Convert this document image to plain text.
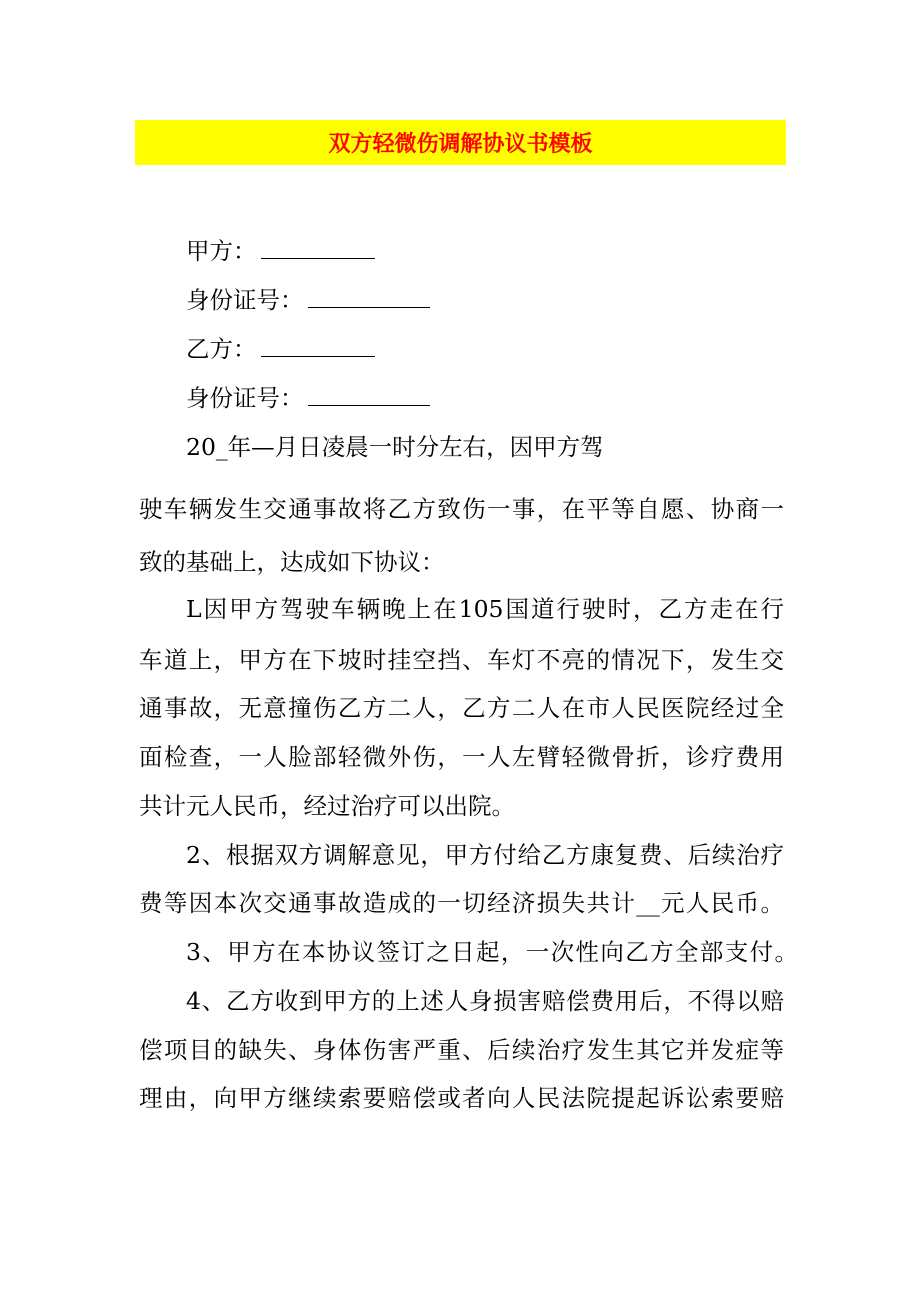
双方轻微伤调解协议书模板
甲方：
身份证号：
乙方：
身份证号：
20_年—月日凌晨一时分左右，因甲方驾
驶车辆发生交通事故将乙方致伤一事，在平等自愿、协商一
致的基础上，达成如下协议：
L因甲方驾驶车辆晚上在105国道行驶时，乙方走在行
车道上，甲方在下坡时挂空挡、车灯不亮的情况下，发生交
通事故，无意撞伤乙方二人，乙方二人在市人民医院经过全
面检查，一人脸部轻微外伤，一人左臂轻微骨折，诊疗费用
共计元人民币，经过治疗可以出院。
2、根据双方调解意见，甲方付给乙方康复费、后续治疗
费等因本次交通事故造成的一切经济损失共计__元人民币。
3、甲方在本协议签订之日起，一次性向乙方全部支付。
4、乙方收到甲方的上述人身损害赔偿费用后，不得以赔
偿项目的缺失、身体伤害严重、后续治疗发生其它并发症等
理由，向甲方继续索要赔偿或者向人民法院提起诉讼索要赔
